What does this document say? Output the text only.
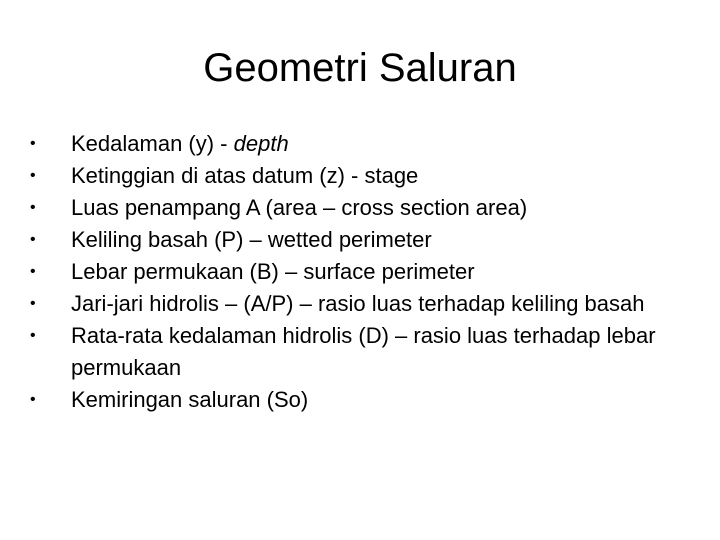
Geometri Saluran
•	Kedalaman (y) - depth
•	Ketinggian di atas datum (z) - stage
•	Luas penampang A (area – cross section area)
•	Keliling basah (P) – wetted perimeter
•	Lebar permukaan (B) – surface perimeter
•	Jari-jari hidrolis – (A/P) – rasio luas terhadap keliling basah
•	Rata-rata kedalaman hidrolis (D) – rasio luas terhadap lebar permukaan
•	Kemiringan saluran (So)
